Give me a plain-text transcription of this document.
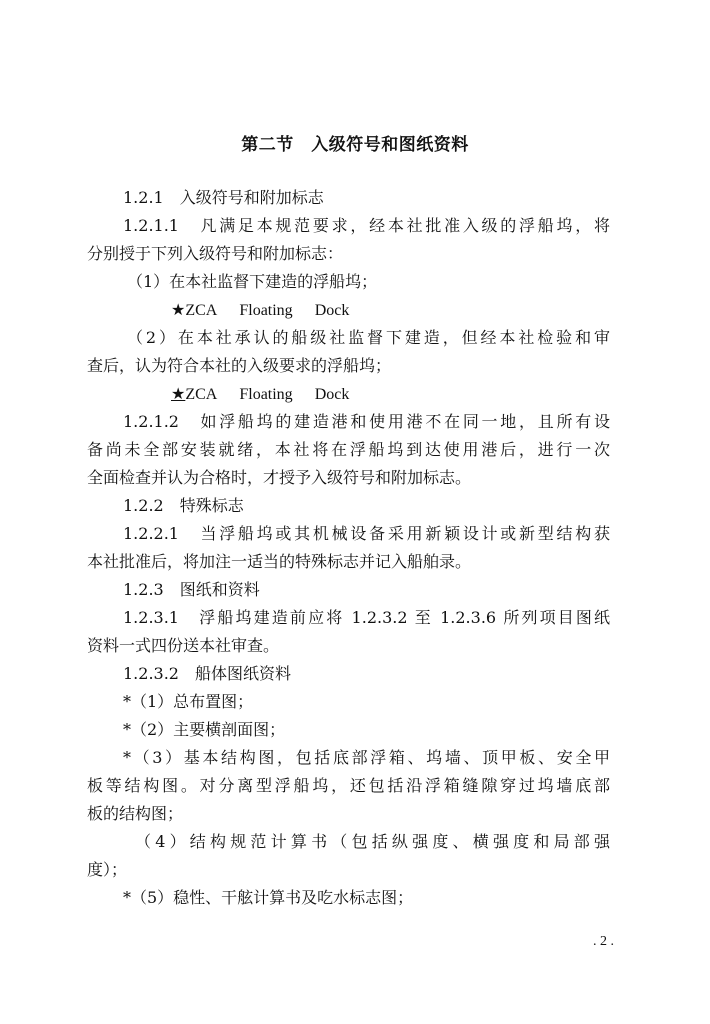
第二节　入级符号和图纸资料
1.2.1　入级符号和附加标志
1.2.1.1　凡满足本规范要求，经本社批准入级的浮船坞，将
分别授于下列入级符号和附加标志：
（1）在本社监督下建造的浮船坞；
★ZCA Floating Dock
（2）在本社承认的船级社监督下建造，但经本社检验和审
查后，认为符合本社的入级要求的浮船坞；
★ZCA Floating Dock
1.2.1.2　如浮船坞的建造港和使用港不在同一地，且所有设
备尚未全部安装就绪，本社将在浮船坞到达使用港后，进行一次
全面检查并认为合格时，才授予入级符号和附加标志。
1.2.2　特殊标志
1.2.2.1　当浮船坞或其机械设备采用新颖设计或新型结构获
本社批准后，将加注一适当的特殊标志并记入船舶录。
1.2.3　图纸和资料
1.2.3.1　浮船坞建造前应将 1.2.3.2 至 1.2.3.6 所列项目图纸
资料一式四份送本社审查。
1.2.3.2　船体图纸资料
*（1）总布置图；
*（2）主要横剖面图；
*（3）基本结构图，包括底部浮箱、坞墙、顶甲板、安全甲
板等结构图。对分离型浮船坞，还包括沿浮箱缝隙穿过坞墙底部
板的结构图；
（4）结构规范计算书（包括纵强度、横强度和局部强
度）；
*（5）稳性、干舷计算书及吃水标志图；
. 2 .
